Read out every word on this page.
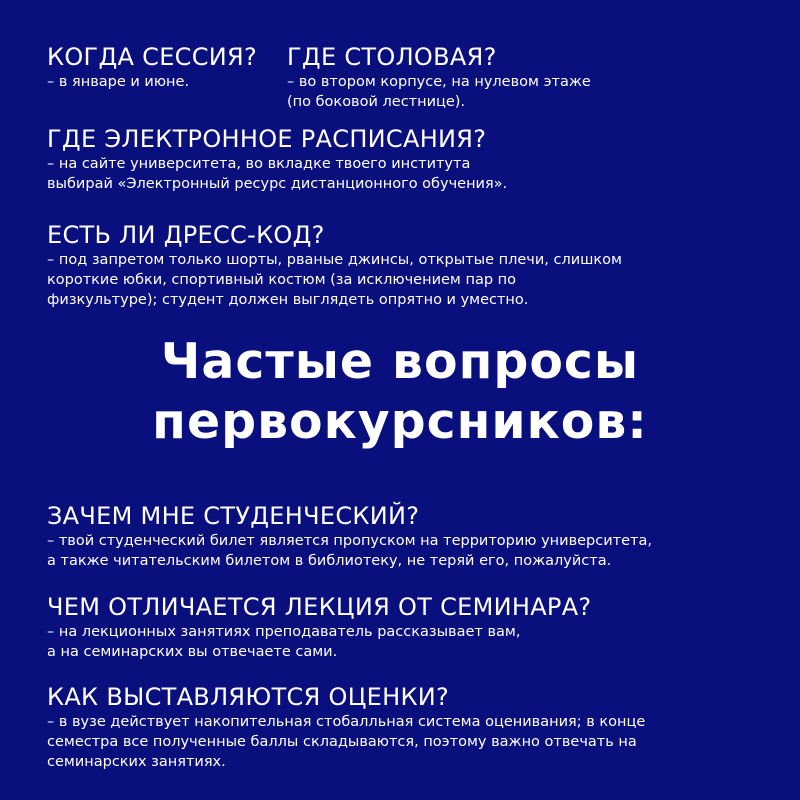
КОГДА СЕССИЯ?
– в январе и июне.
ГДЕ СТОЛОВАЯ?
– во втором корпусе, на нулевом этаже
(по боковой лестнице).
ГДЕ ЭЛЕКТРОННОЕ РАСПИСАНИЯ?
– на сайте университета, во вкладке твоего института
выбирай «Электронный ресурс дистанционного обучения».
ЕСТЬ ЛИ ДРЕСС-КОД?
– под запретом только шорты, рваные джинсы, открытые плечи, слишком
короткие юбки, спортивный костюм (за исключением пар по
физкультуре); студент должен выглядеть опрятно и уместно.
Частые вопросы
первокурсников:
ЗАЧЕМ МНЕ СТУДЕНЧЕСКИЙ?
– твой студенческий билет является пропуском на территорию университета,
а также читательским билетом в библиотеку, не теряй его, пожалуйста.
ЧЕМ ОТЛИЧАЕТСЯ ЛЕКЦИЯ ОТ СЕМИНАРА?
– на лекционных занятиях преподаватель рассказывает вам,
а на семинарских вы отвечаете сами.
КАК ВЫСТАВЛЯЮТСЯ ОЦЕНКИ?
– в вузе действует накопительная стобалльная система оценивания; в конце
семестра все полученные баллы складываются, поэтому важно отвечать на
семинарских занятиях.
